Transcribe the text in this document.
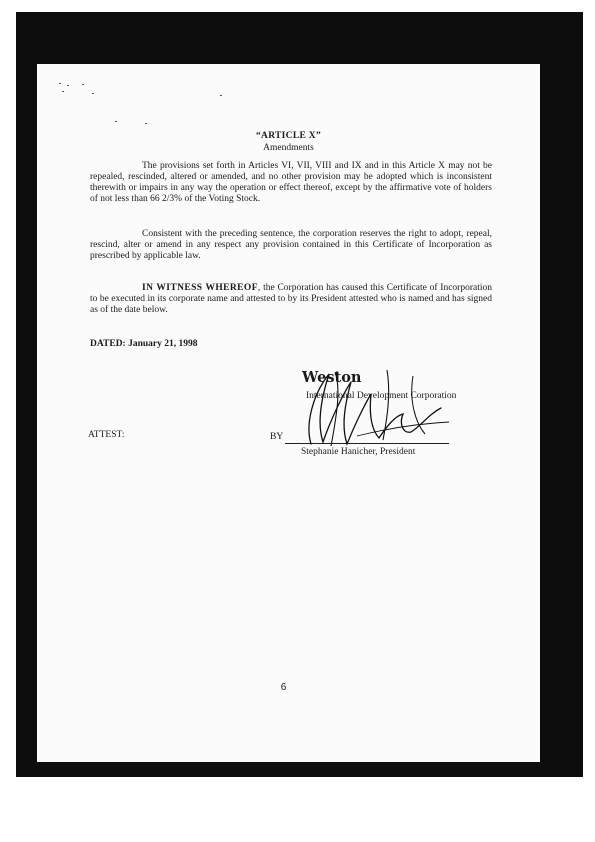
“ARTICLE X”
Amendments

The provisions set forth in Articles VI, VII, VIII and IX and in this Article X may not be repealed, rescinded, altered or amended, and no other provision may be adopted which is inconsistent therewith or impairs in any way the operation or effect thereof, except by the affirmative vote of holders of not less than 66 2/3% of the Voting Stock.

Consistent with the preceding sentence, the corporation reserves the right to adopt, repeal, rescind, alter or amend in any respect any provision contained in this Certificate of Incorporation as prescribed by applicable law.

IN WITNESS WHEREOF, the Corporation has caused this Certificate of Incorporation to be executed in its corporate name and attested to by its President attested who is named and has signed as of the date below.

DATED: January 21, 1998
Weston
International Development Corporation
ATTEST:	BY
Stephanie Hanicher, President
6
